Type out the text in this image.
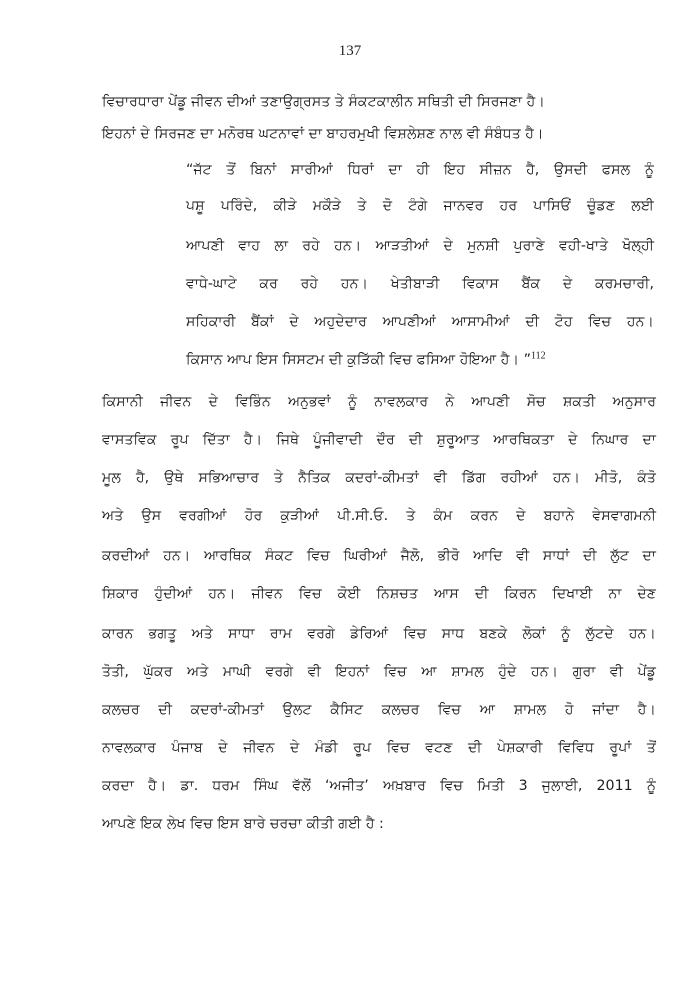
137
ਵਿਚਾਰਧਾਰਾ ਪੇਂਡੂ ਜੀਵਨ ਦੀਆਂ ਤਣਾਉਗ੍ਰਸਤ ਤੇ ਸੰਕਟਕਾਲੀਨ ਸਥਿਤੀ ਦੀ ਸਿਰਜਣਾ ਹੈ।
ਇਹਨਾਂ ਦੇ ਸਿਰਜਣ ਦਾ ਮਨੋਰਥ ਘਟਨਾਵਾਂ ਦਾ ਬਾਹਰਮੁਖੀ ਵਿਸ਼ਲੇਸ਼ਣ ਨਾਲ ਵੀ ਸੰਬੰਧਤ ਹੈ।
“ਜੱਟ ਤੋਂ ਬਿਨਾਂ ਸਾਰੀਆਂ ਧਿਰਾਂ ਦਾ ਹੀ ਇਹ ਸੀਜ਼ਨ ਹੈ, ਉਸਦੀ ਫਸਲ ਨੂੰ
ਪਸ਼ੂ ਪਰਿੰਦੇ, ਕੀੜੇ ਮਕੌੜੇ ਤੇ ਦੋ ਟੰਗੇ ਜਾਨਵਰ ਹਰ ਪਾਸਿਓਂ ਚੂੰਡਣ ਲਈ
ਆਪਣੀ ਵਾਹ ਲਾ ਰਹੇ ਹਨ। ਆੜਤੀਆਂ ਦੇ ਮੁਨਸ਼ੀ ਪੁਰਾਣੇ ਵਹੀ-ਖਾਤੇ ਖੋਲ੍ਹੀ
ਵਾਧੇ-ਘਾਟੇ ਕਰ ਰਹੇ ਹਨ। ਖੇਤੀਬਾੜੀ ਵਿਕਾਸ ਬੈਂਕ ਦੇ ਕਰਮਚਾਰੀ,
ਸਹਿਕਾਰੀ ਬੈਂਕਾਂ ਦੇ ਅਹੁਦੇਦਾਰ ਆਪਣੀਆਂ ਆਸਾਮੀਆਂ ਦੀ ਟੋਹ ਵਿਚ ਹਨ।
ਕਿਸਾਨ ਆਪ ਇਸ ਸਿਸਟਮ ਦੀ ਕੁੜਿੱਕੀ ਵਿਚ ਫਸਿਆ ਹੋਇਆ ਹੈ। ”$^{112}$
ਕਿਸਾਨੀ ਜੀਵਨ ਦੇ ਵਿਭਿੰਨ ਅਨੁਭਵਾਂ ਨੂੰ ਨਾਵਲਕਾਰ ਨੇ ਆਪਣੀ ਸੋਚ ਸ਼ਕਤੀ ਅਨੁਸਾਰ
ਵਾਸਤਵਿਕ ਰੂਪ ਦਿੱਤਾ ਹੈ। ਜਿਥੇ ਪੂੰਜੀਵਾਦੀ ਦੌਰ ਦੀ ਸ਼ੁਰੂਆਤ ਆਰਥਿਕਤਾ ਦੇ ਨਿਘਾਰ ਦਾ
ਮੂਲ ਹੈ, ਉਥੇ ਸਭਿਆਚਾਰ ਤੇ ਨੈਤਿਕ ਕਦਰਾਂ-ਕੀਮਤਾਂ ਵੀ ਡਿੱਗ ਰਹੀਆਂ ਹਨ। ਮੀਤੋ, ਕੰਤੋ
ਅਤੇ ਉਸ ਵਰਗੀਆਂ ਹੋਰ ਕੁੜੀਆਂ ਪੀ.ਸੀ.ਓ. ਤੇ ਕੰਮ ਕਰਨ ਦੇ ਬਹਾਨੇ ਵੇਸਵਾਗਮਨੀ
ਕਰਦੀਆਂ ਹਨ। ਆਰਥਿਕ ਸੰਕਟ ਵਿਚ ਘਿਰੀਆਂ ਜੈਲੋ, ਭੀਰੋ ਆਦਿ ਵੀ ਸਾਧਾਂ ਦੀ ਲੁੱਟ ਦਾ
ਸ਼ਿਕਾਰ ਹੁੰਦੀਆਂ ਹਨ। ਜੀਵਨ ਵਿਚ ਕੋਈ ਨਿਸ਼ਚਤ ਆਸ ਦੀ ਕਿਰਨ ਦਿਖਾਈ ਨਾ ਦੇਣ
ਕਾਰਨ ਭਗਤੂ ਅਤੇ ਸਾਧਾ ਰਾਮ ਵਰਗੇ ਡੇਰਿਆਂ ਵਿਚ ਸਾਧ ਬਣਕੇ ਲੋਕਾਂ ਨੂੰ ਲੁੱਟਦੇ ਹਨ।
ਤੋਤੀ, ਘੁੱਕਰ ਅਤੇ ਮਾਘੀ ਵਰਗੇ ਵੀ ਇਹਨਾਂ ਵਿਚ ਆ ਸ਼ਾਮਲ ਹੁੰਦੇ ਹਨ। ਗੁਰਾ ਵੀ ਪੇਂਡੂ
ਕਲਚਰ ਦੀ ਕਦਰਾਂ-ਕੀਮਤਾਂ ਉਲਟ ਕੈਸਿਟ ਕਲਚਰ ਵਿਚ ਆ ਸ਼ਾਮਲ ਹੋ ਜਾਂਦਾ ਹੈ।
ਨਾਵਲਕਾਰ ਪੰਜਾਬ ਦੇ ਜੀਵਨ ਦੇ ਮੰਡੀ ਰੂਪ ਵਿਚ ਵਟਣ ਦੀ ਪੇਸ਼ਕਾਰੀ ਵਿਵਿਧ ਰੂਪਾਂ ਤੋਂ
ਕਰਦਾ ਹੈ। ਡਾ. ਧਰਮ ਸਿੰਘ ਵੱਲੋਂ ‘ਅਜੀਤ’ ਅਖ਼ਬਾਰ ਵਿਚ ਮਿਤੀ 3 ਜੁਲਾਈ, 2011 ਨੂੰ
ਆਪਣੇ ਇਕ ਲੇਖ ਵਿਚ ਇਸ ਬਾਰੇ ਚਰਚਾ ਕੀਤੀ ਗਈ ਹੈ :
